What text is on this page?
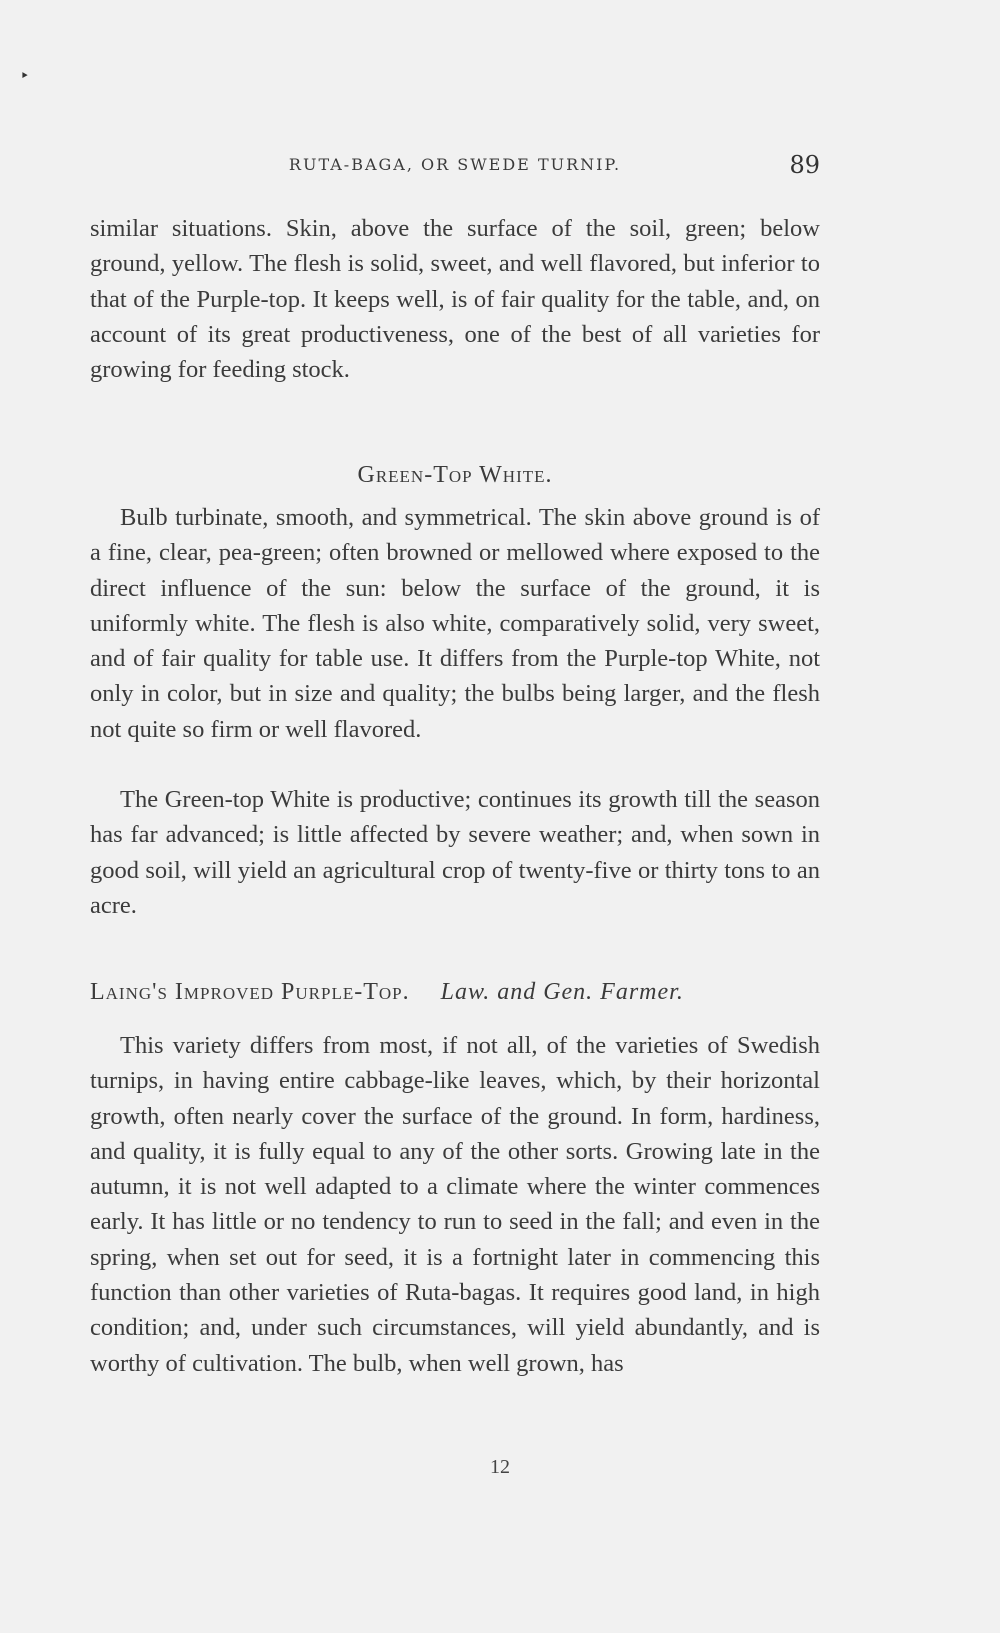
‣
RUTA-BAGA, OR SWEDE TURNIP.	89

similar situations. Skin, above the surface of the soil, green; below ground, yellow. The flesh is solid, sweet, and well flavored, but inferior to that of the Purple-top. It keeps well, is of fair quality for the table, and, on account of its great productiveness, one of the best of all varieties for growing for feeding stock.

Green-Top White.

Bulb turbinate, smooth, and symmetrical. The skin above ground is of a fine, clear, pea-green; often browned or mellowed where exposed to the direct influence of the sun: below the surface of the ground, it is uniformly white. The flesh is also white, comparatively solid, very sweet, and of fair quality for table use. It differs from the Purple-top White, not only in color, but in size and quality; the bulbs being larger, and the flesh not quite so firm or well flavored.

The Green-top White is productive; continues its growth till the season has far advanced; is little affected by severe weather; and, when sown in good soil, will yield an agricultural crop of twenty-five or thirty tons to an acre.

Laing's Improved Purple-Top. Law. and Gen. Farmer.

This variety differs from most, if not all, of the varieties of Swedish turnips, in having entire cabbage-like leaves, which, by their horizontal growth, often nearly cover the surface of the ground. In form, hardiness, and quality, it is fully equal to any of the other sorts. Growing late in the autumn, it is not well adapted to a climate where the winter commences early. It has little or no tendency to run to seed in the fall; and even in the spring, when set out for seed, it is a fortnight later in commencing this function than other varieties of Ruta-bagas. It requires good land, in high condition; and, under such circumstances, will yield abundantly, and is worthy of cultivation. The bulb, when well grown, has

12
